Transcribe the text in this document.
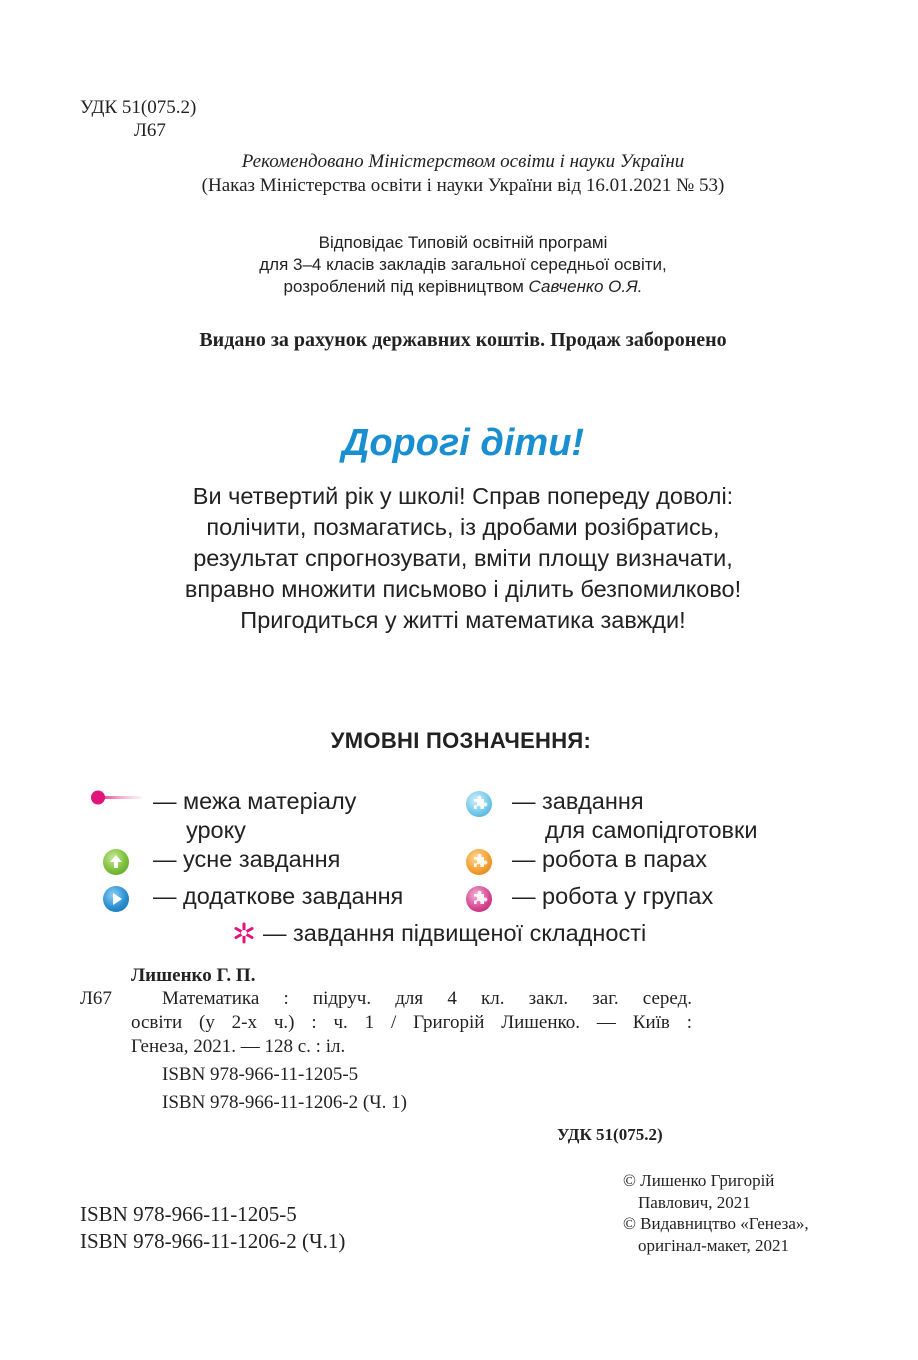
УДК 51(075.2)
Л67
Рекомендовано Міністерством освіти і науки України
(Наказ Міністерства освіти і науки України від 16.01.2021 № 53)
Відповідає Типовій освітній програмі
для 3–4 класів закладів загальної середньої освіти,
розроблений під керівництвом Савченко О.Я.
Видано за рахунок державних коштів. Продаж заборонено
Дорогі діти!
Ви четвертий рік у школі! Справ попереду доволі:
полічити, позмагатись, із дробами розібратись,
результат спрогнозувати, вміти площу визначати,
вправно множити письмово і ділить безпомилково!
Пригодиться у житті математика завжди!
УМОВНІ ПОЗНАЧЕННЯ:
— межа матеріалу
уроку
— завдання
для самопідготовки
— усне завдання	— робота в парах
— додаткове завдання	— робота у групах
— завдання підвищеної складності
Лишенко Г. П.
Л67	Математика : підруч. для 4 кл. закл. заг. серед.
освіти (у 2-х ч.) : ч. 1 / Григорій Лишенко. — Київ :
Генеза, 2021. — 128 с. : іл.
ISBN 978-966-11-1205-5
ISBN 978-966-11-1206-2 (Ч. 1)
УДК 51(075.2)
ISBN 978-966-11-1205-5
ISBN 978-966-11-1206-2 (Ч.1)
© Лишенко Григорій
Павлович, 2021
© Видавництво «Генеза»,
оригінал-макет, 2021
